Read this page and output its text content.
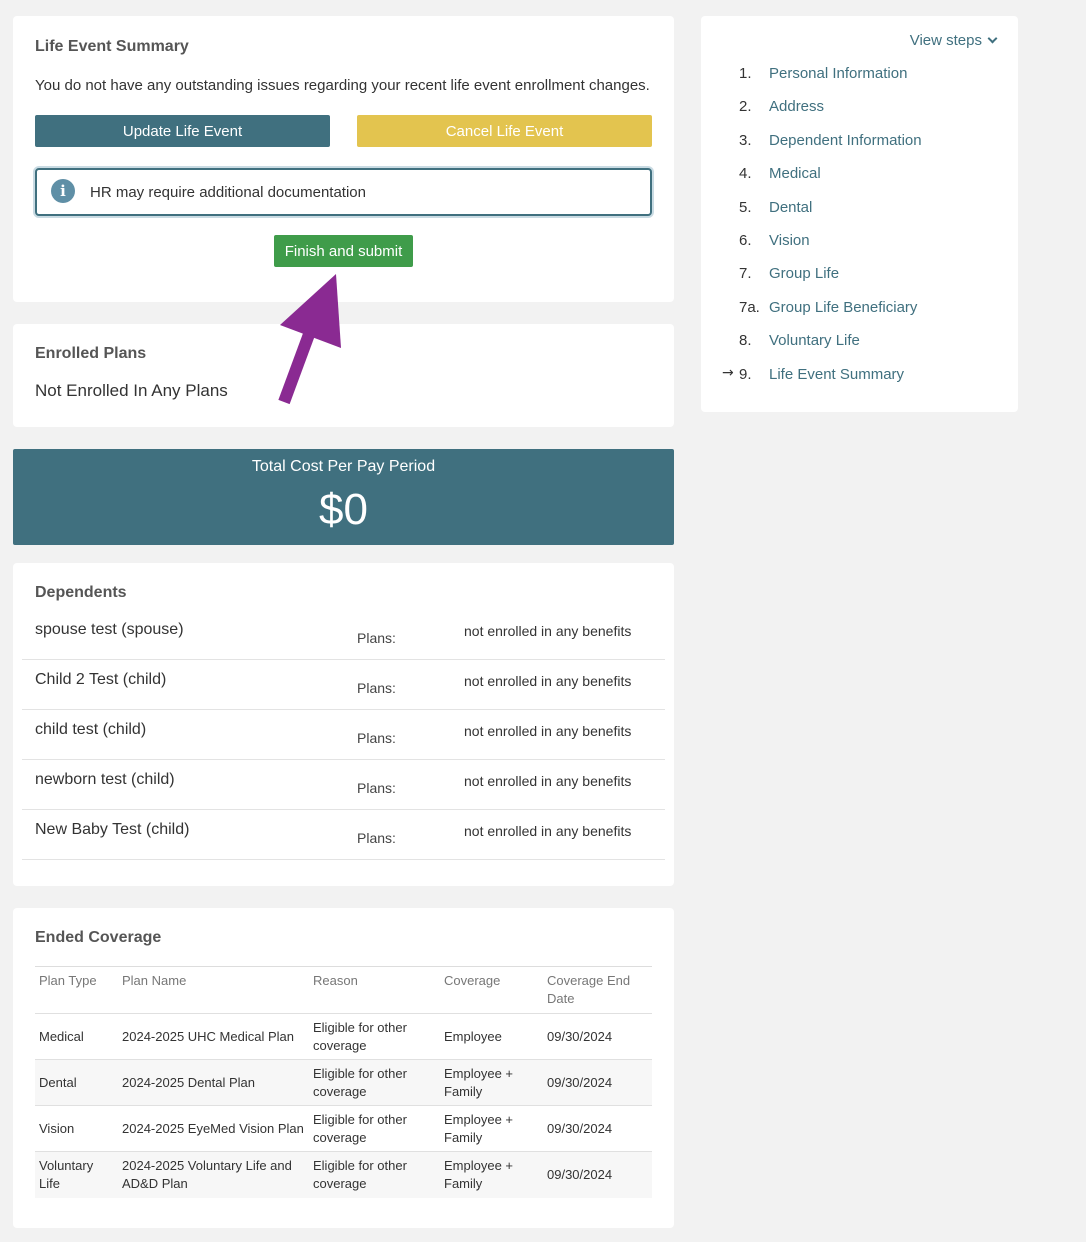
Life Event Summary
You do not have any outstanding issues regarding your recent life event enrollment changes.
Update Life Event	Cancel Life Event
i	HR may require additional documentation
Finish and submit
Enrolled Plans
Not Enrolled In Any Plans
Total Cost Per Pay Period
$0
Dependents
spouse test (spouse)	Plans:	not enrolled in any benefits
Child 2 Test (child)	Plans:	not enrolled in any benefits
child test (child)	Plans:	not enrolled in any benefits
newborn test (child)	Plans:	not enrolled in any benefits
New Baby Test (child)	Plans:	not enrolled in any benefits
Ended Coverage
Plan Type	Plan Name	Reason	Coverage	Coverage End Date
Medical	2024-2025 UHC Medical Plan	Eligible for other coverage	Employee	09/30/2024
Dental	2024-2025 Dental Plan	Eligible for other coverage	Employee + Family	09/30/2024
Vision	2024-2025 EyeMed Vision Plan	Eligible for other coverage	Employee + Family	09/30/2024
Voluntary Life	2024-2025 Voluntary Life and AD&D Plan	Eligible for other coverage	Employee + Family	09/30/2024
View steps
1. Personal Information
2. Address
3. Dependent Information
4. Medical
5. Dental
6. Vision
7. Group Life
7a. Group Life Beneficiary
8. Voluntary Life
→ 9. Life Event Summary
